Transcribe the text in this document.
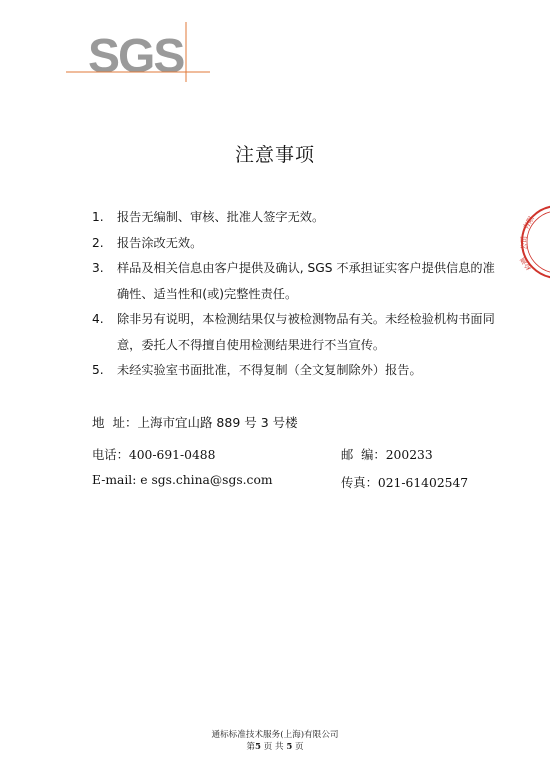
SGS
有限
公司
检测
注意事项
1. 报告无编制、审核、批准人签字无效。
2. 报告涂改无效。
3. 样品及相关信息由客户提供及确认, SGS 不承担证实客户提供信息的准确性、适当性和(或)完整性责任。
4. 除非另有说明，本检测结果仅与被检测物品有关。未经检验机构书面同意，委托人不得擅自使用检测结果进行不当宣传。
5. 未经实验室书面批准，不得复制（全文复制除外）报告。
地  址：上海市宜山路 889 号 3 号楼
电话：400-691-0488	邮  编：200233
E-mail: e sgs.china@sgs.com	传真：021-61402547
通标标准技术服务(上海)有限公司
第5 页 共 5 页
